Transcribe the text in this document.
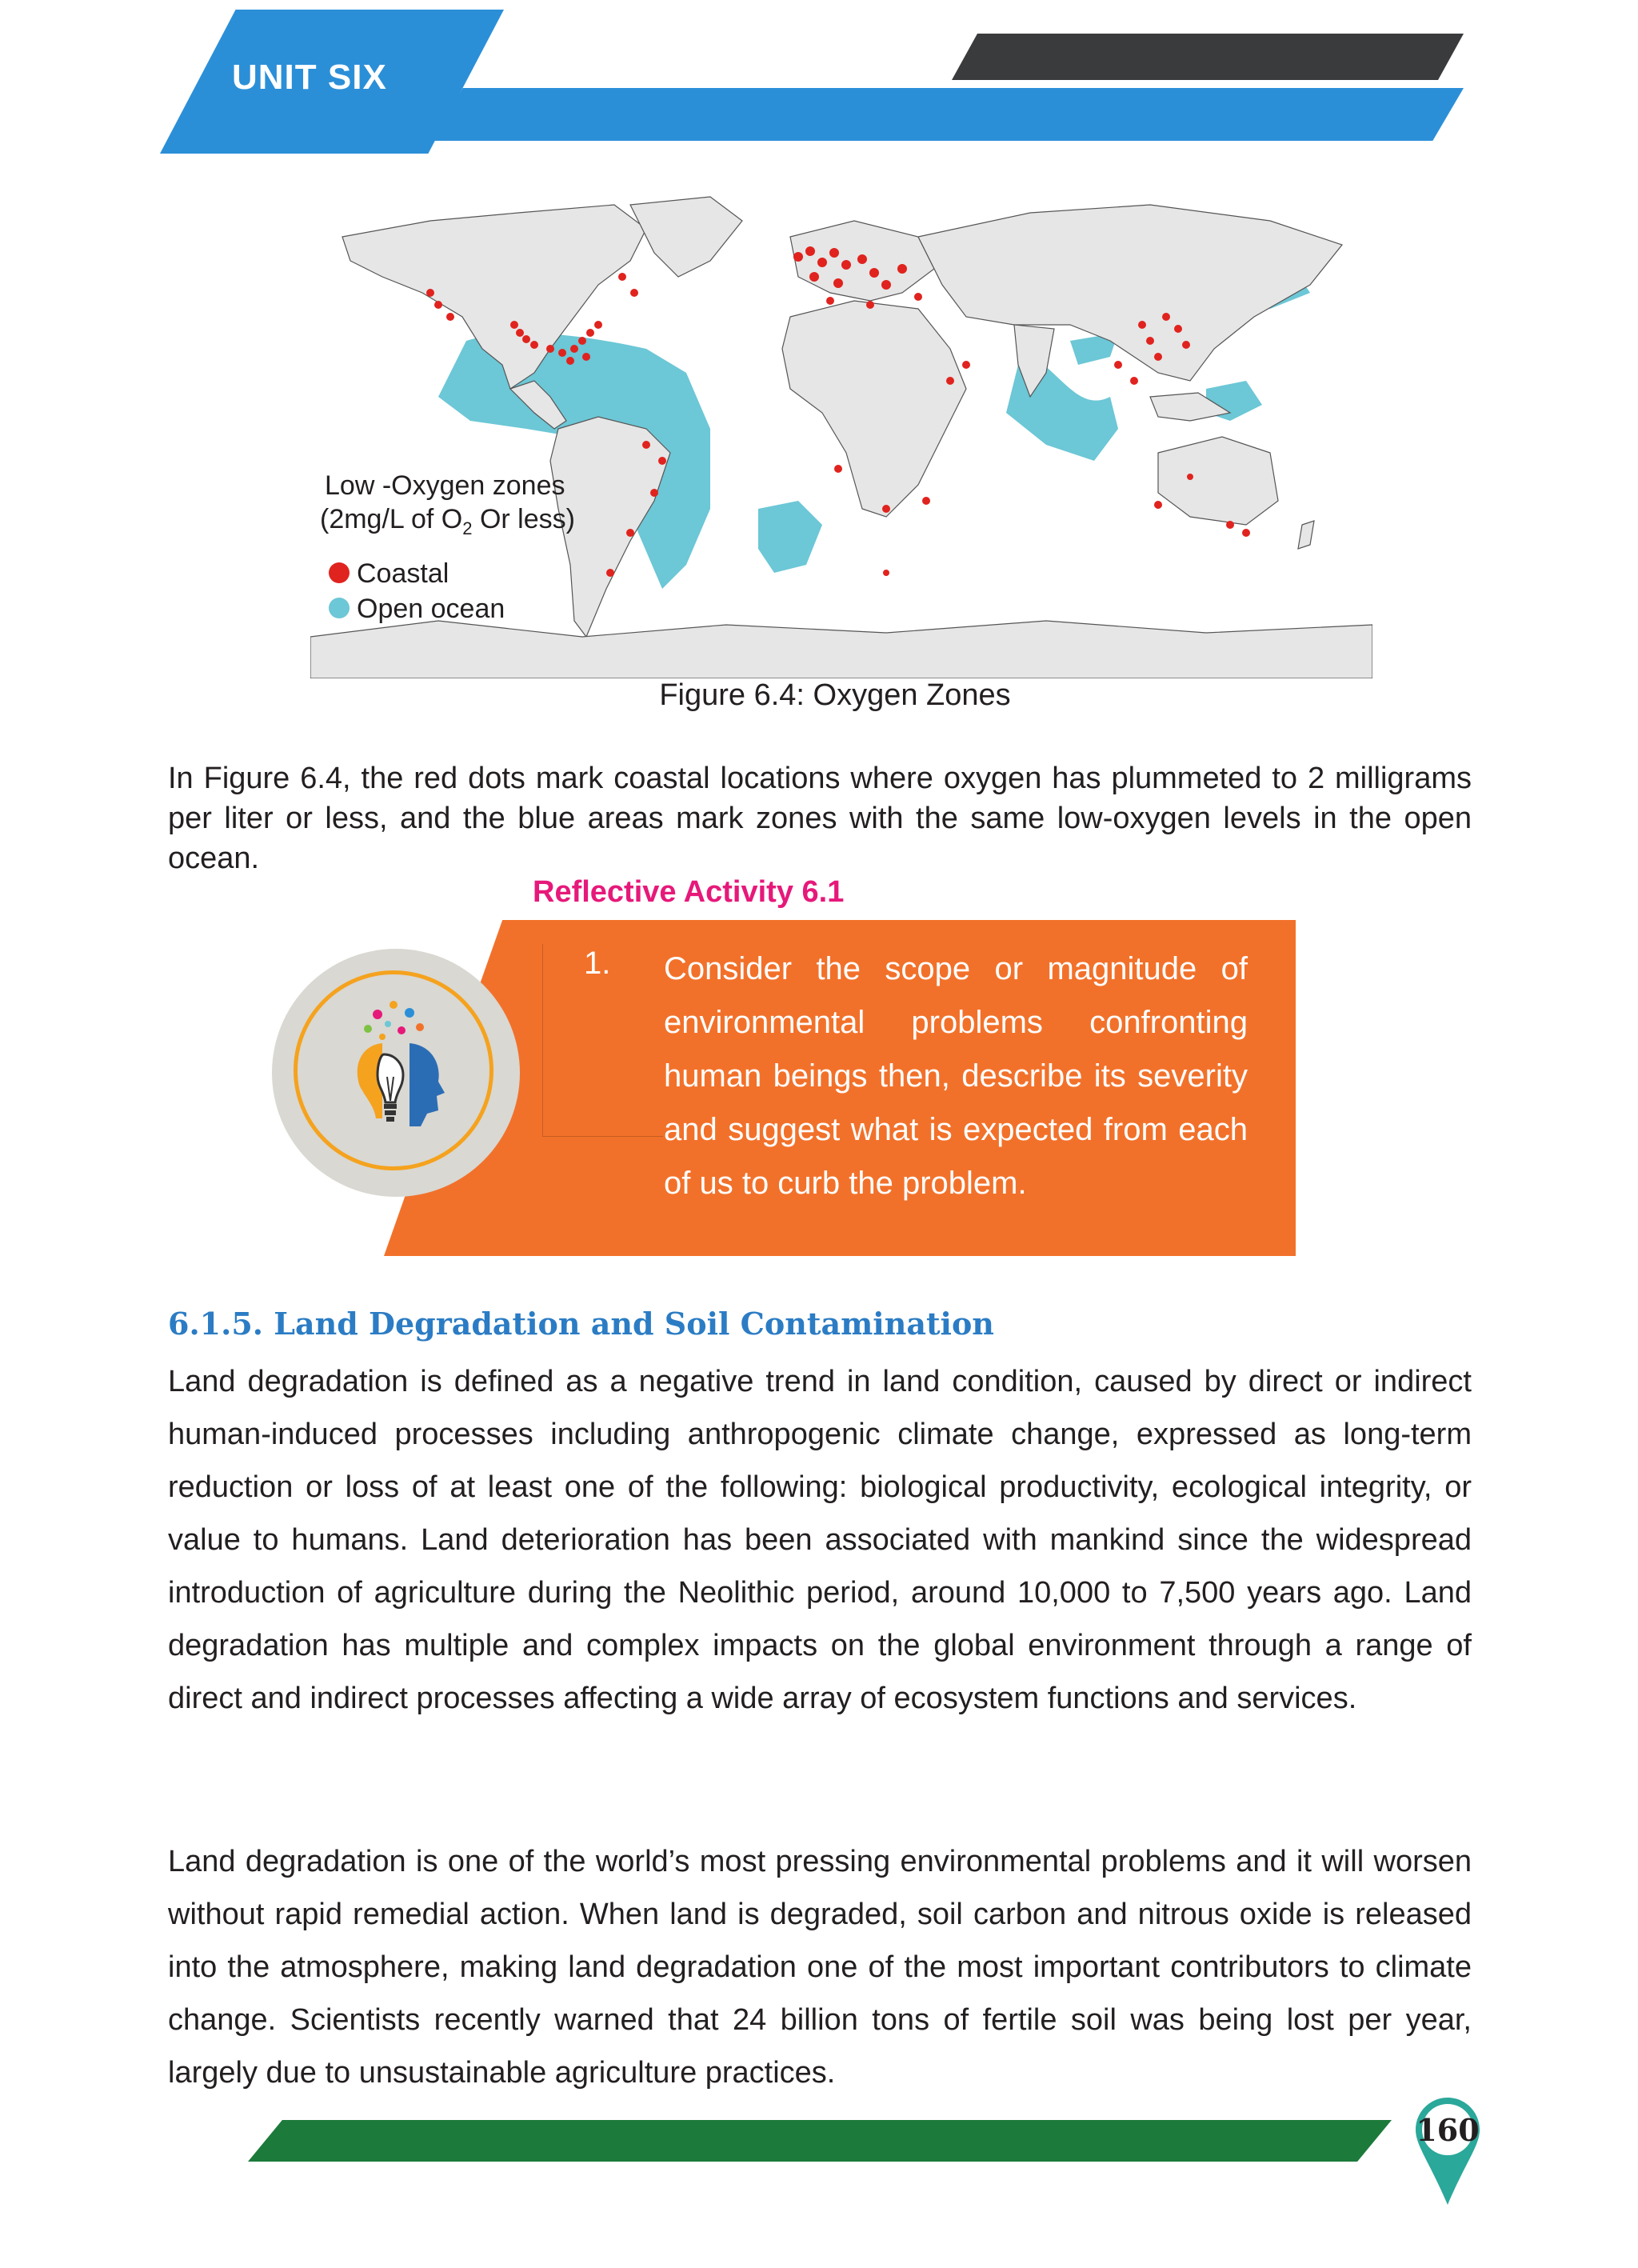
UNIT SIX
Low -Oxygen zones
(2mg/L of $O_2$ Or less)
Coastal
Open ocean
Figure 6.4: Oxygen Zones

In Figure 6.4, the red dots mark coastal locations where oxygen has plummeted to 2 milligrams per liter or less, and the blue areas mark zones with the same low-oxygen levels in the open ocean.

Reflective Activity 6.1
1. Consider the scope or magnitude of environmental problems confronting human beings then, describe its severity and suggest what is expected from each of us to curb the problem.
6.1.5. Land Degradation and Soil Contamination

Land degradation is defined as a negative trend in land condition, caused by direct or indirect human-induced processes including anthropogenic climate change, expressed as long-term reduction or loss of at least one of the following: biological productivity, ecological integrity, or value to humans. Land deterioration has been associated with mankind since the widespread introduction of agriculture during the Neolithic period, around 10,000 to 7,500 years ago. Land degradation has multiple and complex impacts on the global environment through a range of direct and indirect processes affecting a wide array of ecosystem functions and services.

Land degradation is one of the world’s most pressing environmental problems and it will worsen without rapid remedial action. When land is degraded, soil carbon and nitrous oxide is released into the atmosphere, making land degradation one of the most important contributors to climate change. Scientists recently warned that 24 billion tons of fertile soil was being lost per year, largely due to unsustainable agriculture practices.

160
